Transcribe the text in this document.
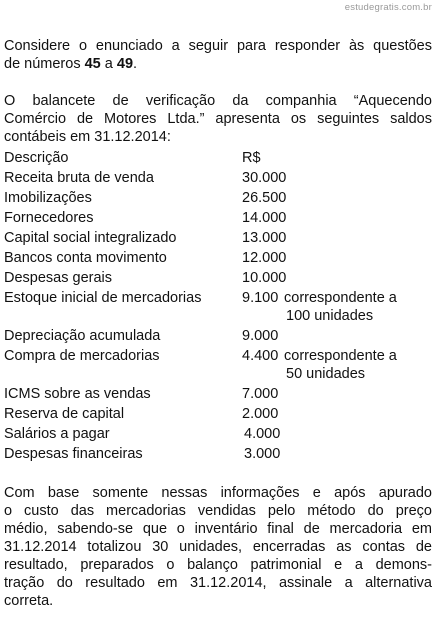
estudegratis.com.br
Considere o enunciado a seguir para responder às questões
de números 45 a 49.
O balancete de verificação da companhia “Aquecendo
Comércio de Motores Ltda.” apresenta os seguintes saldos
contábeis em 31.12.2014:
Descrição	R$
Receita bruta de venda	30.000
Imobilizações	26.500
Fornecedores	14.000
Capital social integralizado	13.000
Bancos conta movimento	12.000
Despesas gerais	10.000
Estoque inicial de mercadorias	9.100 correspondente a
100 unidades
Depreciação acumulada	9.000
Compra de mercadorias	4.400 correspondente a
50 unidades
ICMS sobre as vendas	7.000
Reserva de capital	2.000
Salários a pagar	4.000
Despesas financeiras	3.000
Com base somente nessas informações e após apurado
o custo das mercadorias vendidas pelo método do preço
médio, sabendo-se que o inventário final de mercadoria em
31.12.2014 totalizou 30 unidades, encerradas as contas de
resultado, preparados o balanço patrimonial e a demons-
tração do resultado em 31.12.2014, assinale a alternativa
correta.
